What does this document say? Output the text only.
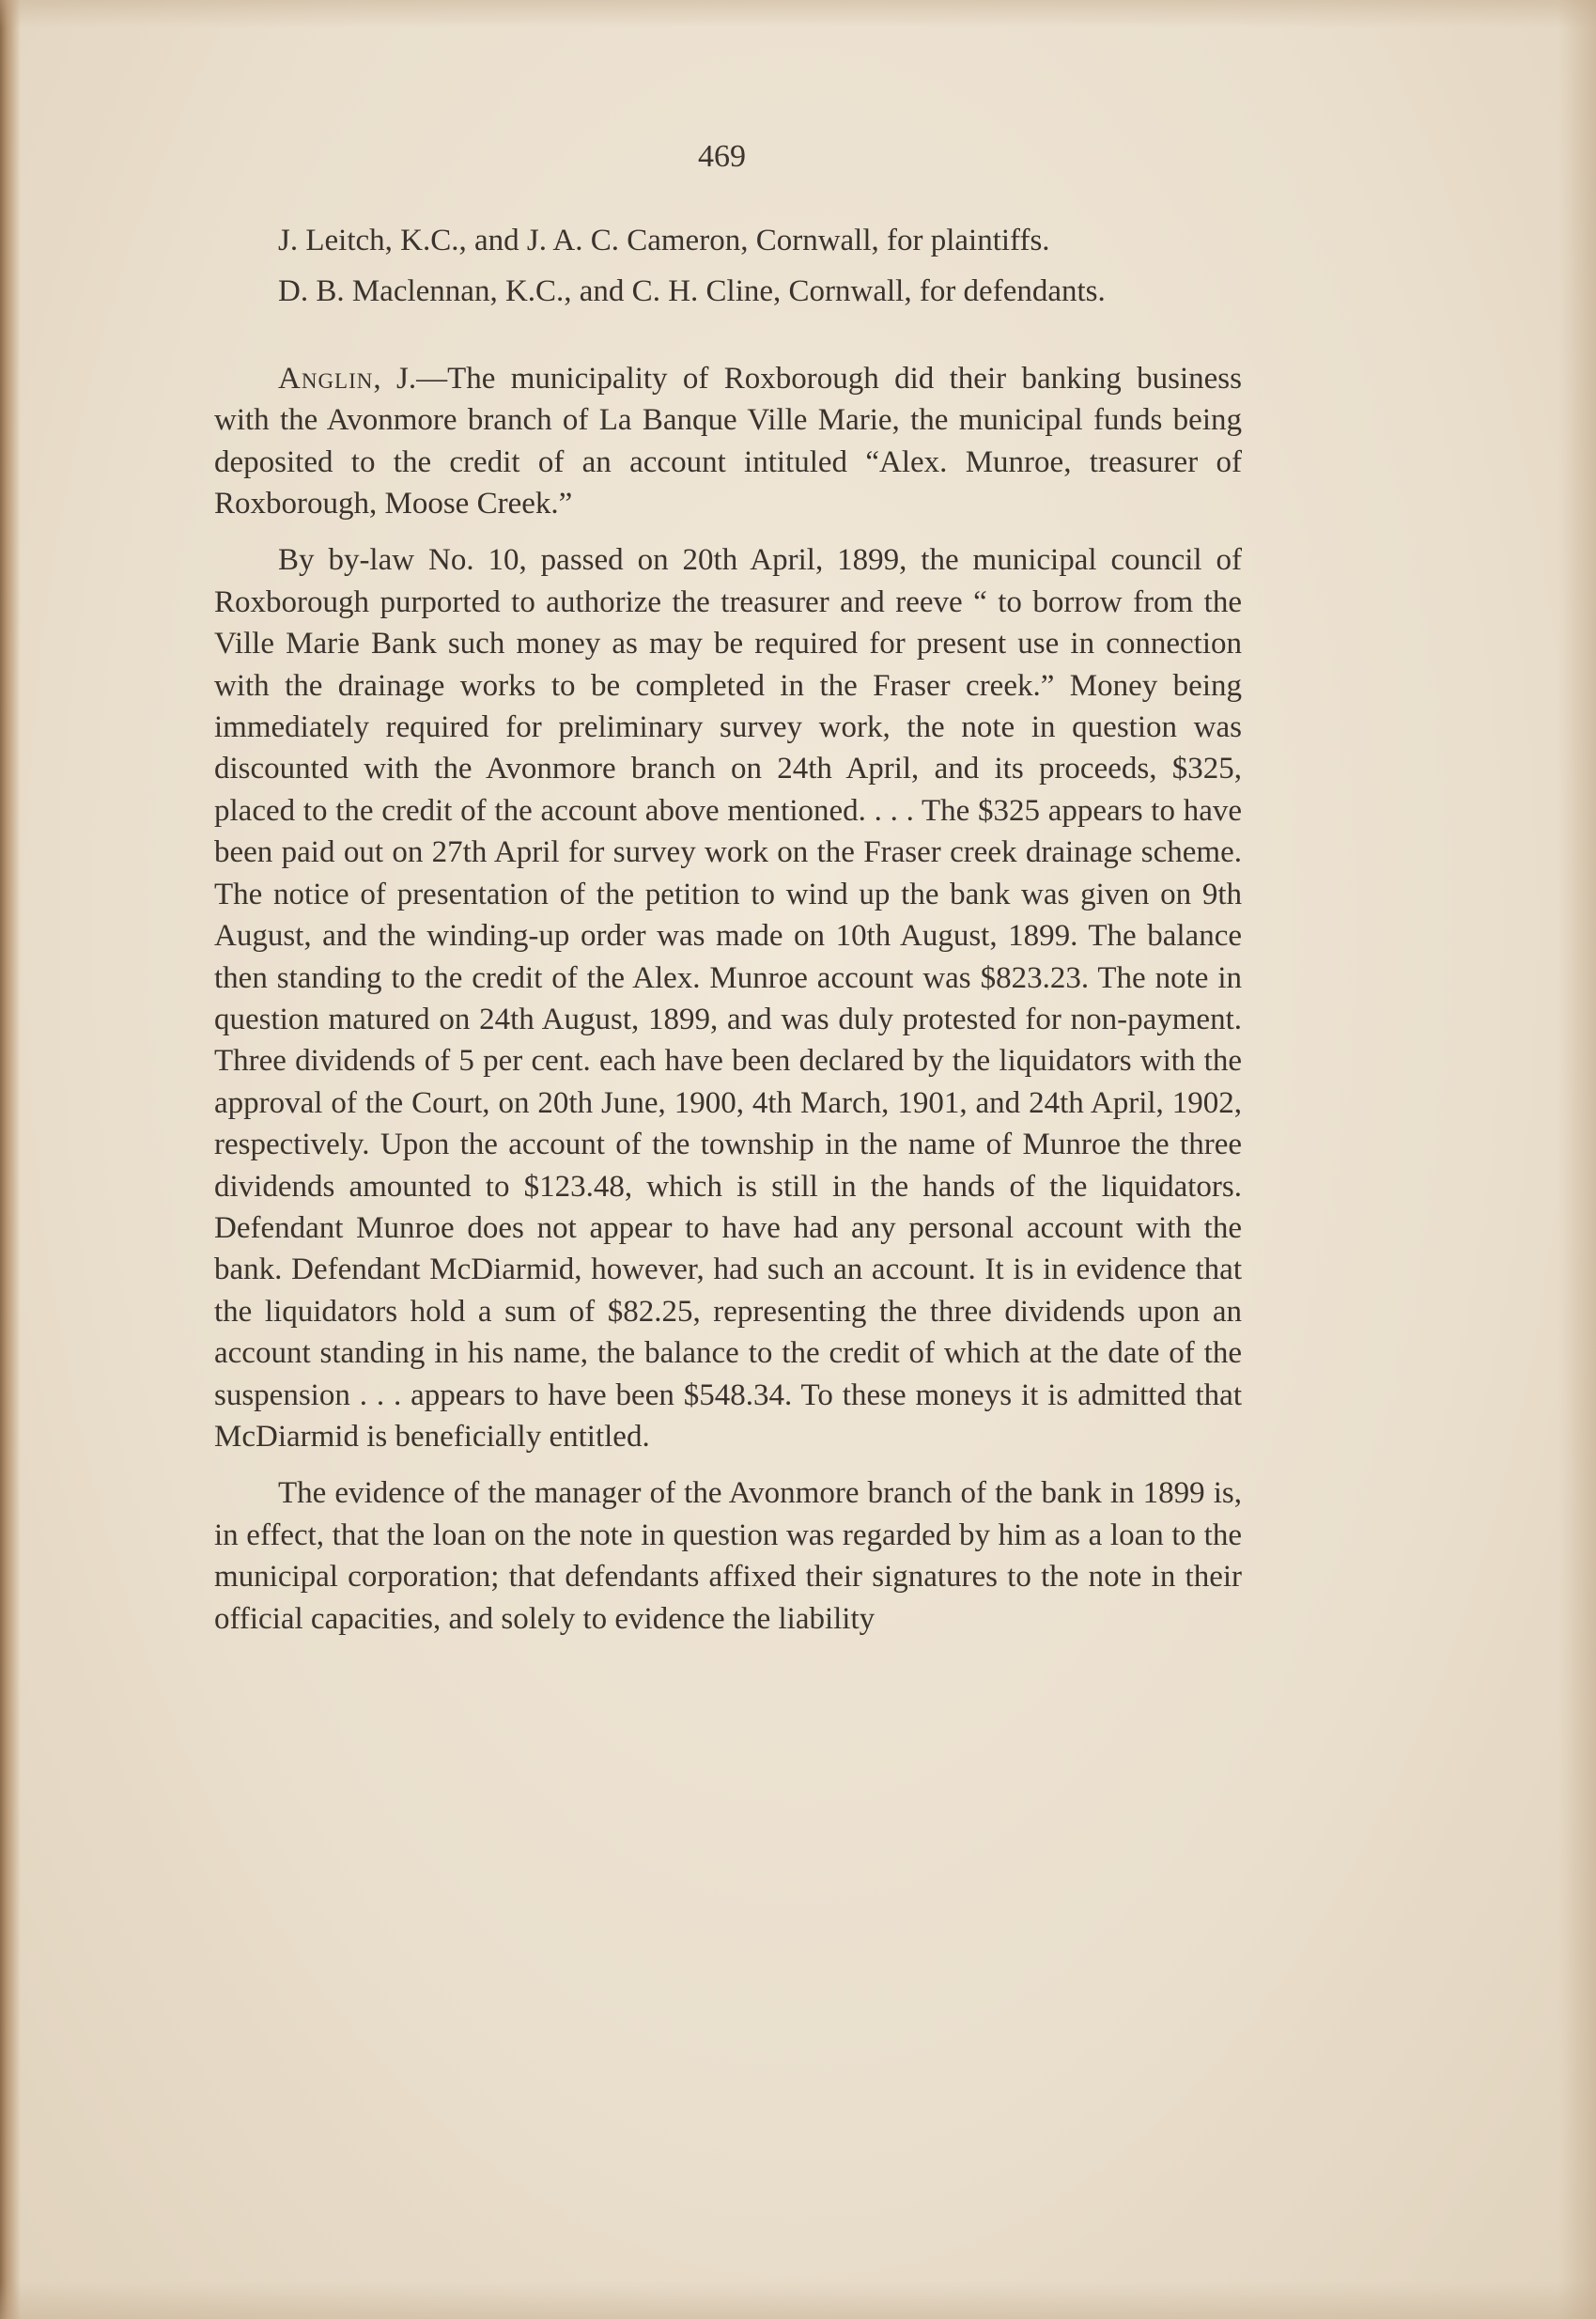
469

J. Leitch, K.C., and J. A. C. Cameron, Cornwall, for plaintiffs.

D. B. Maclennan, K.C., and C. H. Cline, Cornwall, for defendants.

Anglin, J.—The municipality of Roxborough did their banking business with the Avonmore branch of La Banque Ville Marie, the municipal funds being deposited to the credit of an account intituled “Alex. Munroe, treasurer of Roxborough, Moose Creek.”

By by-law No. 10, passed on 20th April, 1899, the municipal council of Roxborough purported to authorize the treasurer and reeve “ to borrow from the Ville Marie Bank such money as may be required for present use in connection with the drainage works to be completed in the Fraser creek.” Money being immediately required for preliminary survey work, the note in question was discounted with the Avonmore branch on 24th April, and its proceeds, $325, placed to the credit of the account above mentioned. . . . The $325 appears to have been paid out on 27th April for survey work on the Fraser creek drainage scheme. The notice of presentation of the petition to wind up the bank was given on 9th August, and the winding-up order was made on 10th August, 1899. The balance then standing to the credit of the Alex. Munroe account was $823.23. The note in question matured on 24th August, 1899, and was duly protested for non-payment. Three dividends of 5 per cent. each have been declared by the liquidators with the approval of the Court, on 20th June, 1900, 4th March, 1901, and 24th April, 1902, respectively. Upon the account of the township in the name of Munroe the three dividends amounted to $123.48, which is still in the hands of the liquidators. Defendant Munroe does not appear to have had any personal account with the bank. Defendant McDiarmid, however, had such an account. It is in evidence that the liquidators hold a sum of $82.25, representing the three dividends upon an account standing in his name, the balance to the credit of which at the date of the suspension . . . appears to have been $548.34. To these moneys it is admitted that McDiarmid is beneficially entitled.

The evidence of the manager of the Avonmore branch of the bank in 1899 is, in effect, that the loan on the note in question was regarded by him as a loan to the municipal corporation; that defendants affixed their signatures to the note in their official capacities, and solely to evidence the liability
